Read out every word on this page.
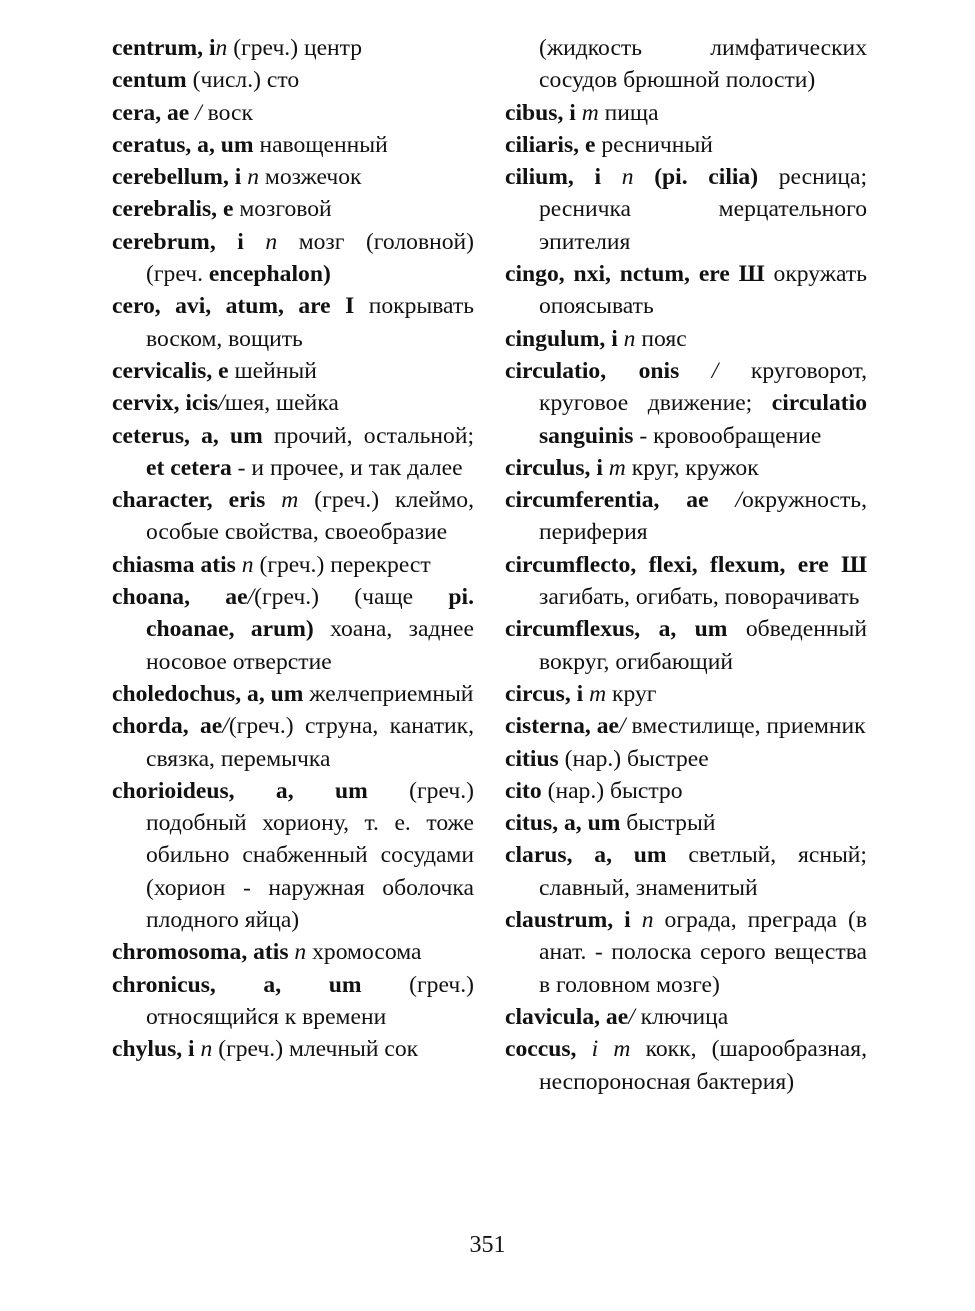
centrum, in (греч.) центр
centum (числ.) сто
cera, ae / воск
ceratus, a, um навощенный
cerebellum, i n мозжечок
cerebralis, e мозговой
cerebrum, i n мозг (головной) (греч. encephalon)
cero, avi, atum, are I покрывать воском, вощить
cervicalis, e шейный
cervix, icis/шея, шейка
ceterus, a, um прочий, остальной; et cetera - и прочее, и так далее
character, eris m (греч.) клеймо, особые свойства, своеобразие
chiasma atis n (греч.) перекрест
choana, ae/(греч.) (чаще pi. choanae, arum) хоана, заднее носовое отверстие
choledochus, a, um желчеприемный
chorda, ae/(греч.) струна, канатик, связка, перемычка
chorioideus, a, um (греч.) подобный хориону, т. е. тоже обильно снабженный сосудами (хорион - наружная оболочка плодного яйца)
chromosoma, atis n хромосома
chronicus, a, um (греч.) относящийся к времени
chylus, i n (греч.) млечный сок
(жидкость лимфатических сосудов брюшной полости)
cibus, i m пища
ciliaris, e ресничный
cilium, i n (pi. cilia) ресница; ресничка мерцательного эпителия
cingo, nxi, nctum, ere Ш окружать опоясывать
cingulum, i n пояс
circulatio, onis / круговорот, круговое движение; circulatio sanguinis - кровообращение
circulus, i m круг, кружок
circumferentia, ae /окружность, периферия
circumflecto, flexi, flexum, ere Ш загибать, огибать, поворачивать
circumflexus, a, um обведенный вокруг, огибающий
circus, i m круг
cisterna, ae/ вместилище, приемник
citius (нар.) быстрее
cito (нар.) быстро
citus, a, um быстрый
clarus, a, um светлый, ясный; славный, знаменитый
claustrum, i n ограда, преграда (в анат. - полоска серого вещества в головном мозге)
clavicula, ae/ ключица
coccus, i m кокк, (шарообразная, неспороносная бактерия)
351
